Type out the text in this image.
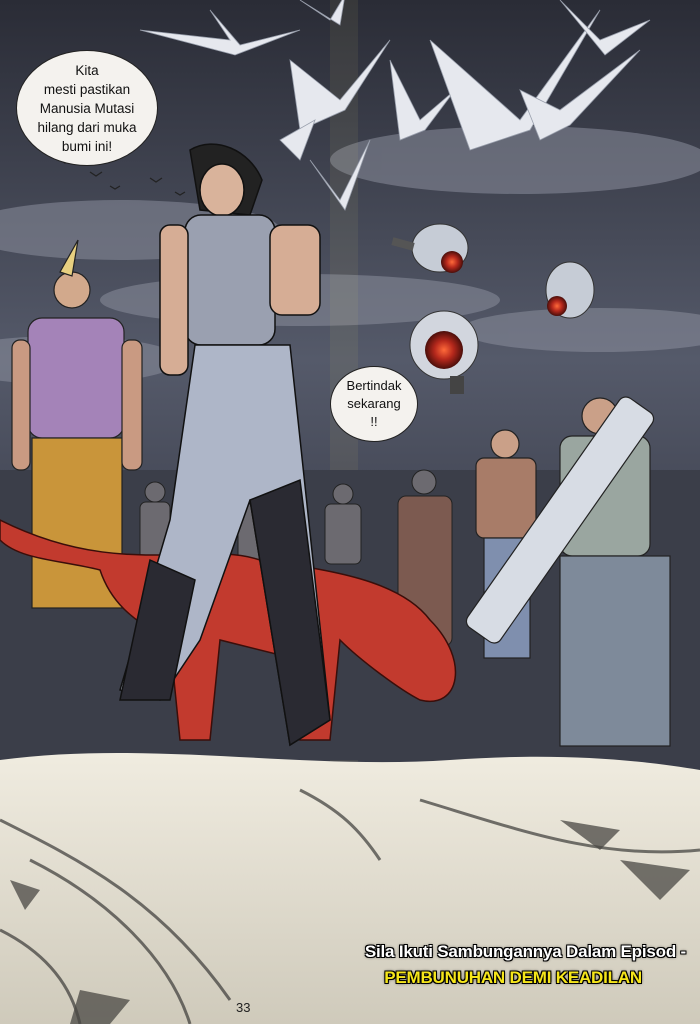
Kita
mesti pastikan
Manusia Mutasi
hilang dari muka
bumi ini!
Bertindak
sekarang
!!
Sila Ikuti Sambungannya Dalam Episod -
PEMBUNUHAN DEMI KEADILAN
33
